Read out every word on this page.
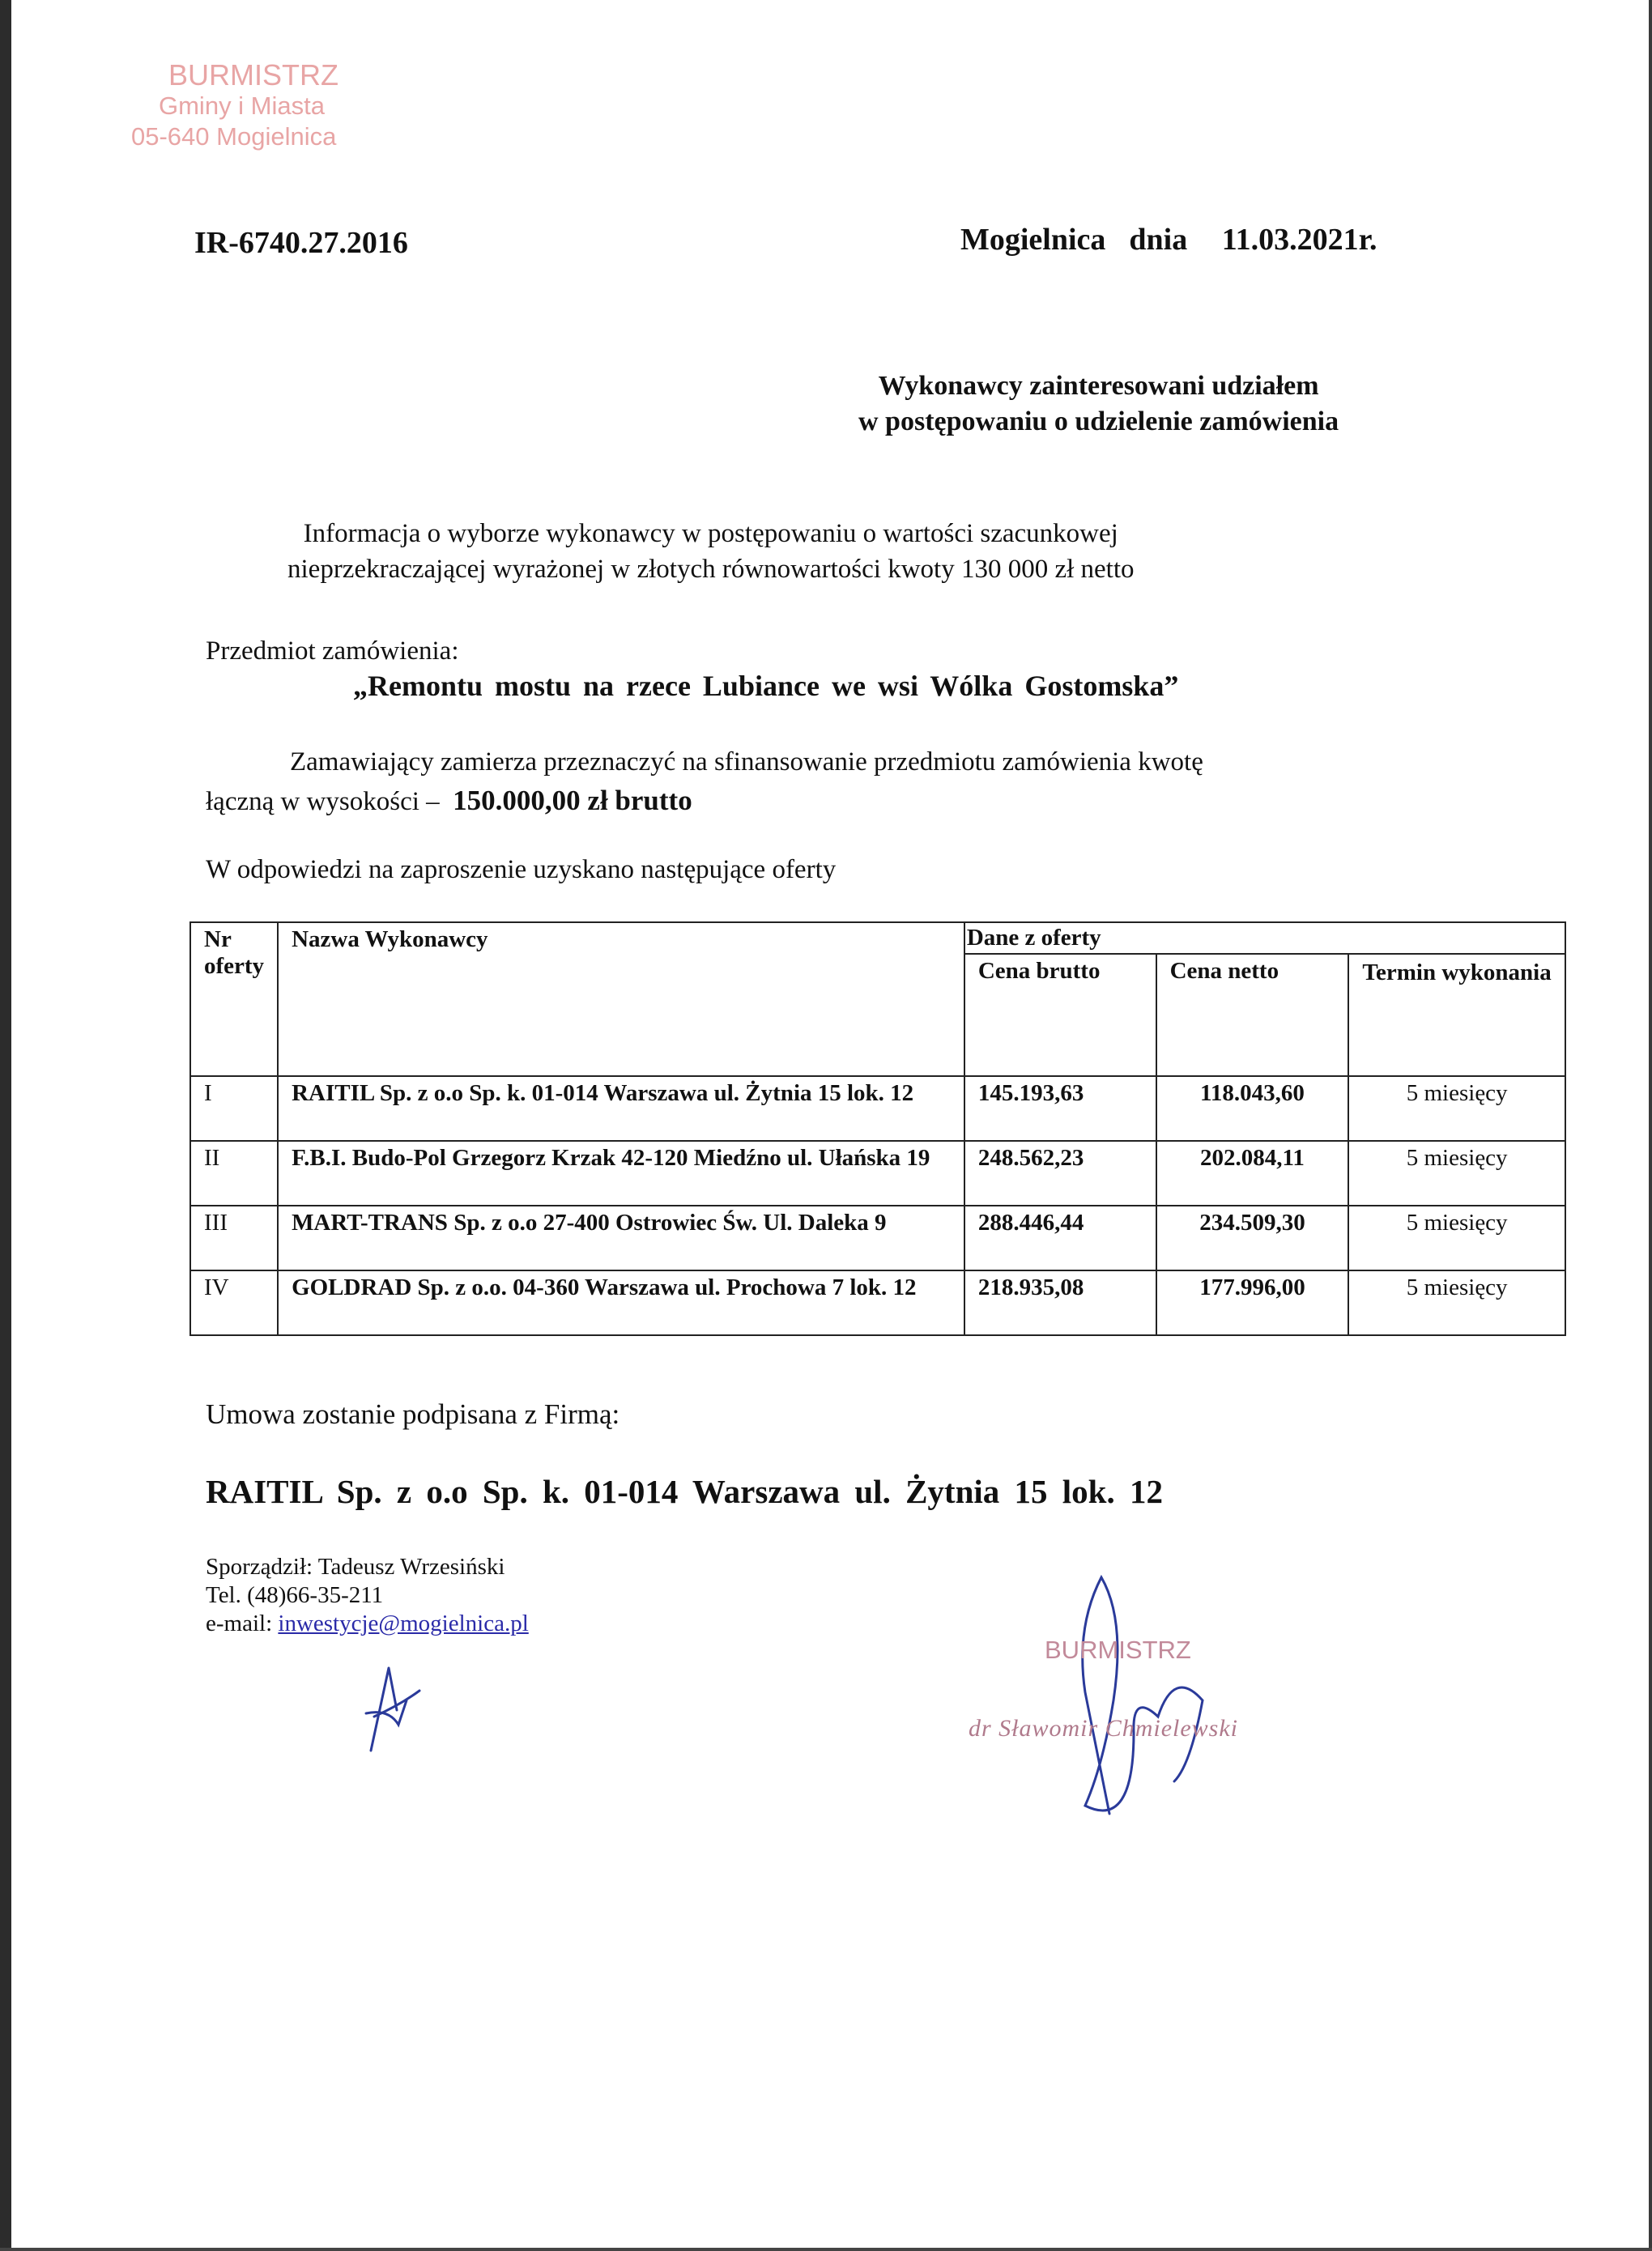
BURMISTRZ
Gminy i Miasta
05-640 Mogielnica
IR-6740.27.2016	Mogielnica dnia 11.03.2021r.
Wykonawcy zainteresowani udziałem
w postępowaniu o udzielenie zamówienia
Informacja o wyborze wykonawcy w postępowaniu o wartości szacunkowej
nieprzekraczającej wyrażonej w złotych równowartości kwoty 130 000 zł netto
Przedmiot zamówienia:
„Remontu mostu na rzece Lubiance we wsi Wólka Gostomska”
Zamawiający zamierza przeznaczyć na sfinansowanie przedmiotu zamówienia kwotę
łączną w wysokości – 150.000,00 zł brutto
W odpowiedzi na zaproszenie uzyskano następujące oferty
Nr oferty	Nazwa Wykonawcy	Dane z oferty		
		Cena brutto	Cena netto	Termin wykonania
I	RAITIL Sp. z o.o Sp. k. 01-014 Warszawa ul. Żytnia 15 lok. 12	145.193,63	118.043,60	5 miesięcy
II	F.B.I. Budo-Pol Grzegorz Krzak 42-120 Miedźno ul. Ułańska 19	248.562,23	202.084,11	5 miesięcy
III	MART-TRANS Sp. z o.o 27-400 Ostrowiec Św. Ul. Daleka 9	288.446,44	234.509,30	5 miesięcy
IV	GOLDRAD Sp. z o.o. 04-360 Warszawa ul. Prochowa 7 lok. 12	218.935,08	177.996,00	5 miesięcy
Umowa zostanie podpisana z Firmą:
RAITIL Sp. z o.o Sp. k. 01-014 Warszawa ul. Żytnia 15 lok. 12
Sporządził: Tadeusz Wrzesiński
Tel. (48)66-35-211
e-mail: inwestycje@mogielnica.pl
BURMISTRZ
dr Sławomir Chmielewski
